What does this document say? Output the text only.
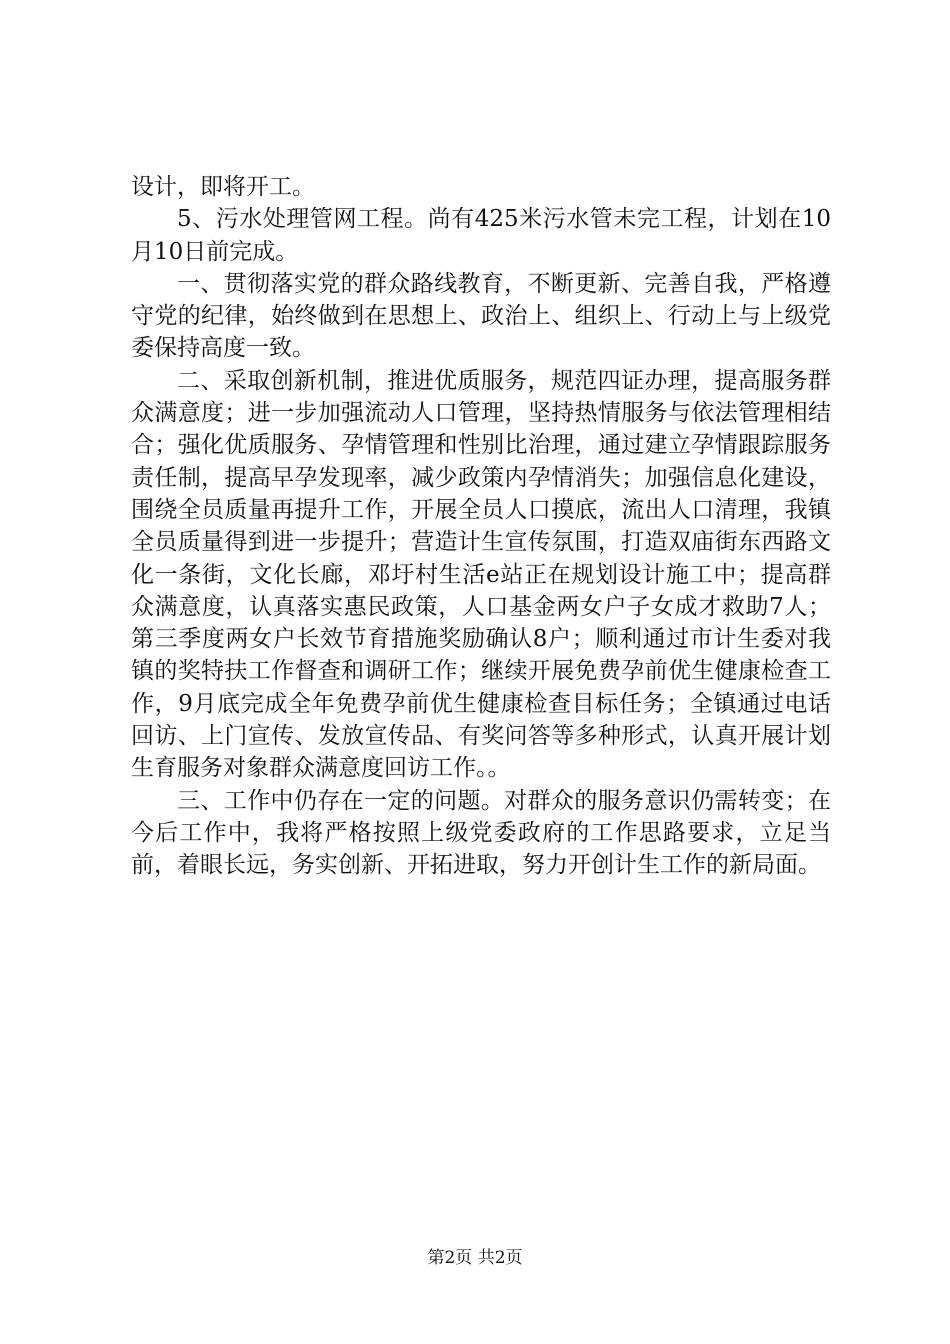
设计，即将开工。

5、污水处理管网工程。尚有425米污水管未完工程，计划在10月10日前完成。

一、贯彻落实党的群众路线教育，不断更新、完善自我，严格遵守党的纪律，始终做到在思想上、政治上、组织上、行动上与上级党委保持高度一致。

二、采取创新机制，推进优质服务，规范四证办理，提高服务群众满意度；进一步加强流动人口管理，坚持热情服务与依法管理相结合；强化优质服务、孕情管理和性别比治理，通过建立孕情跟踪服务责任制，提高早孕发现率，减少政策内孕情消失；加强信息化建设，围绕全员质量再提升工作，开展全员人口摸底，流出人口清理，我镇全员质量得到进一步提升；营造计生宣传氛围，打造双庙街东西路文化一条街，文化长廊，邓圩村生活e站正在规划设计施工中；提高群众满意度，认真落实惠民政策，人口基金两女户子女成才救助7人；第三季度两女户长效节育措施奖励确认8户；顺利通过市计生委对我镇的奖特扶工作督查和调研工作；继续开展免费孕前优生健康检查工作，9月底完成全年免费孕前优生健康检查目标任务；全镇通过电话回访、上门宣传、发放宣传品、有奖问答等多种形式，认真开展计划生育服务对象群众满意度回访工作。。

三、工作中仍存在一定的问题。对群众的服务意识仍需转变；在今后工作中，我将严格按照上级党委政府的工作思路要求，立足当前，着眼长远，务实创新、开拓进取，努力开创计生工作的新局面。

第2页 共2页
